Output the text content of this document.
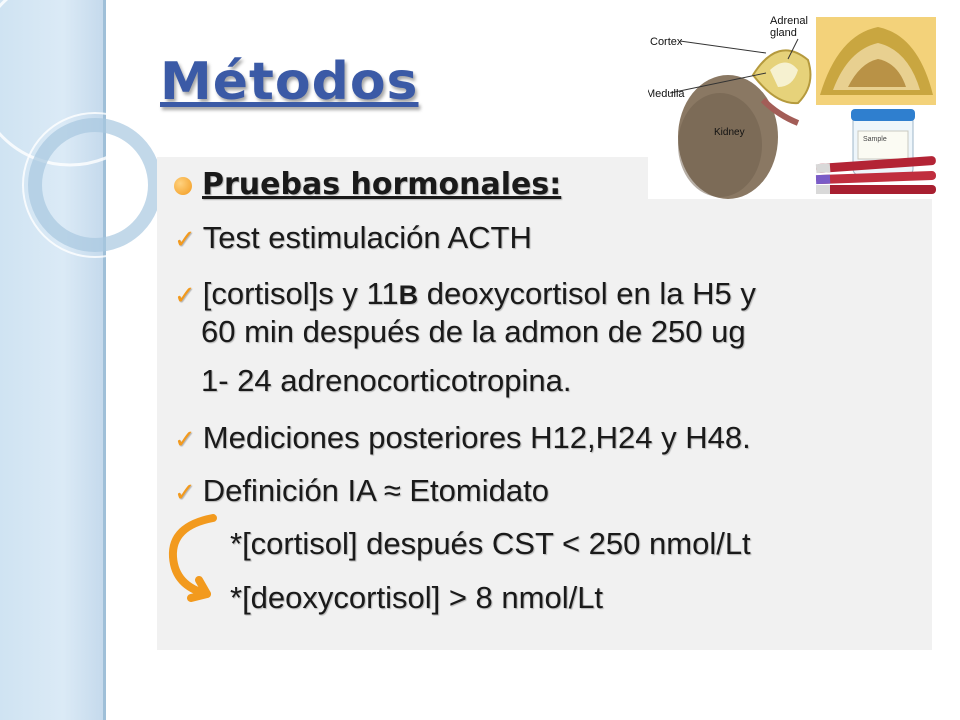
Métodos
Cortex
Medulla
Adrenal
gland
Kidney
Sample
Pruebas hormonales:
✓ Test estimulación ACTH
✓ [cortisol]s y 11B deoxycortisol en la H5 y
60 min después de la admon de 250 ug
1- 24 adrenocorticotropina.
✓ Mediciones posteriores H12,H24 y H48.
✓ Definición IA ≈ Etomidato
*[cortisol] después CST < 250 nmol/Lt
*[deoxycortisol] > 8 nmol/Lt
